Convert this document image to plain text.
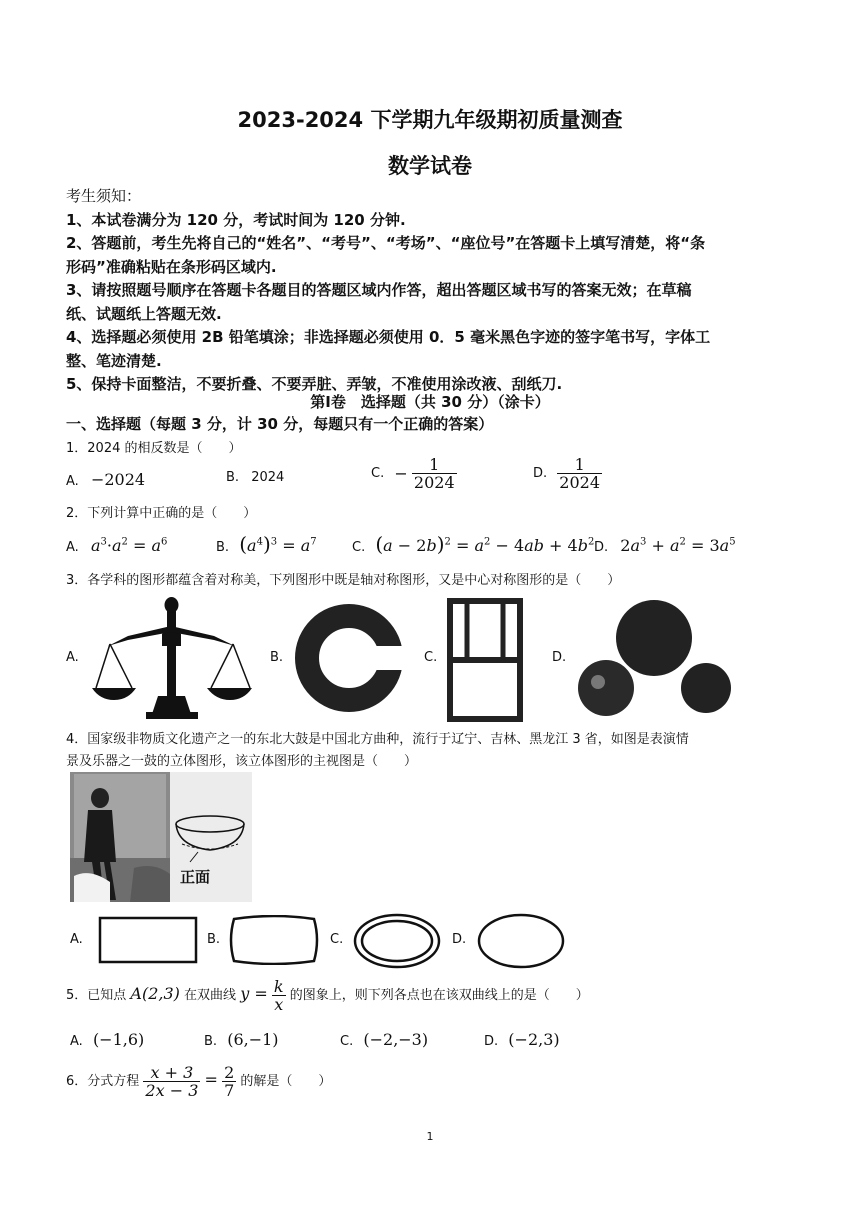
2023-2024 下学期九年级期初质量测查
数学试卷
考生须知：
1、本试卷满分为 120 分，考试时间为 120 分钟.
2、答题前，考生先将自己的“姓名”、“考号”、“考场”、“座位号”在答题卡上填写清楚，将“条
形码”准确粘贴在条形码区域内.
3、请按照题号顺序在答题卡各题目的答题区域内作答，超出答题区域书写的答案无效；在草稿
纸、试题纸上答题无效.
4、选择题必须使用 2B 铅笔填涂；非选择题必须使用 0．5 毫米黑色字迹的签字笔书写，字体工
整、笔迹清楚.
5、保持卡面整洁，不要折叠、不要弄脏、弄皱，不准使用涂改液、刮纸刀.
第Ⅰ卷　选择题（共 30 分）（涂卡）
一、选择题（每题 3 分，计 30 分，每题只有一个正确的答案）
1．2024 的相反数是（　　）
A. −2024	B. 2024	C. − $\frac{1}{2024}$	D. $\frac{1}{2024}$
2．下列计算中正确的是（　　）
A. $a^3\cdot a^2 = a^6$	B. $(a^4)^3 = a^7$	C. $(a - 2b)^2 = a^2 - 4ab + 4b^2$ D. $2a^3 + a^2 = 3a^5$
3．各学科的图形都蕴含着对称美，下列图形中既是轴对称图形，又是中心对称图形的是（　　）
A.	B.	C.	D.
4．国家级非物质文化遗产之一的东北大鼓是中国北方曲种，流行于辽宁、吉林、黑龙江 3 省，如图是表演情
景及乐器之一鼓的立体图形，该立体图形的主视图是（　　）
正面
A.	B.	C.	D.
5．已知点 A(2,3) 在双曲线 $y = \frac{k}{x}$ 的图象上，则下列各点也在该双曲线上的是（　　）
A. (−1,6)	B. (6,−1)	C. (−2,−3)	D. (−2,3)
6．分式方程 $\frac{x + 3}{2x - 3} = \frac{2}{7}$ 的解是（　　）
1
